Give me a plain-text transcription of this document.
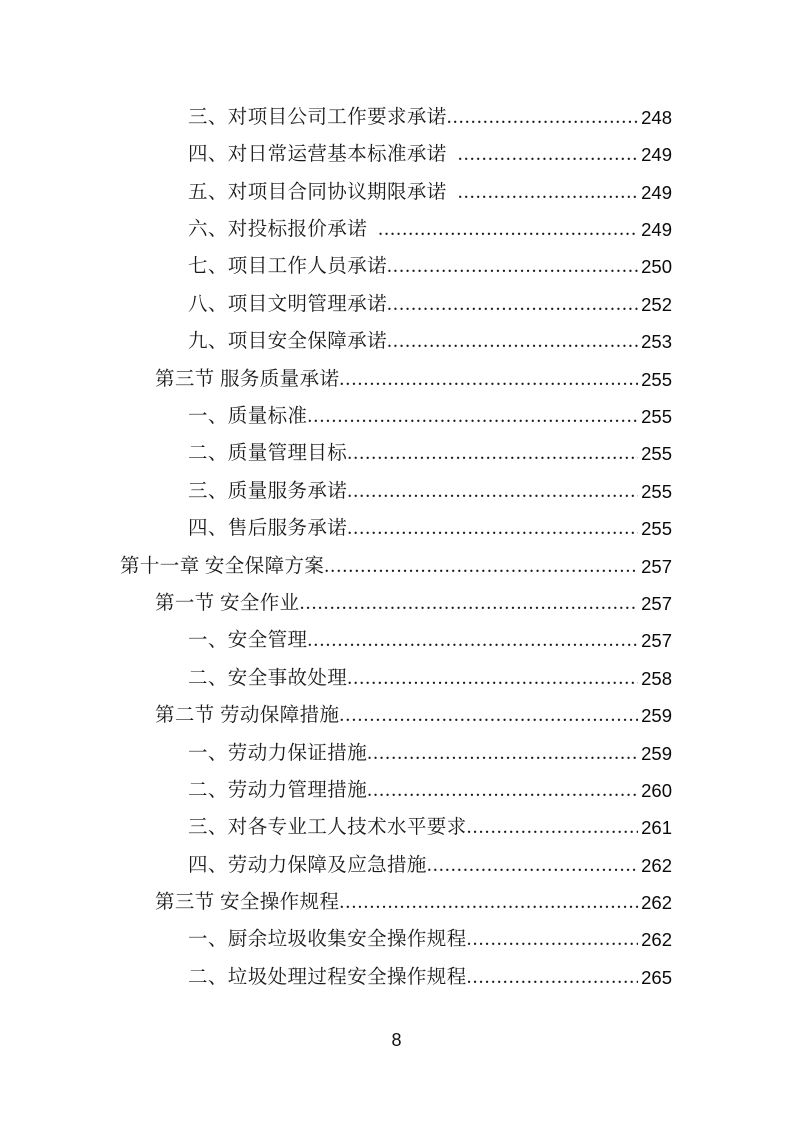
三、对项目公司工作要求承诺 .....	248
四、对日常运营基本标准承诺 .....	249
五、对项目合同协议期限承诺 .....	249
六、对投标报价承诺 .....	249
七、项目工作人员承诺 .....	250
八、项目文明管理承诺 .....	252
九、项目安全保障承诺 .....	253
第三节 服务质量承诺 .....	255
一、质量标准 .....	255
二、质量管理目标 .....	255
三、质量服务承诺 .....	255
四、售后服务承诺 .....	255
第十一章 安全保障方案 .....	257
第一节 安全作业 .....	257
一、安全管理 .....	257
二、安全事故处理 .....	258
第二节 劳动保障措施 .....	259
一、劳动力保证措施 .....	259
二、劳动力管理措施 .....	260
三、对各专业工人技术水平要求 .....	261
四、劳动力保障及应急措施 .....	262
第三节 安全操作规程 .....	262
一、厨余垃圾收集安全操作规程 .....	262
二、垃圾处理过程安全操作规程 .....	265
8
